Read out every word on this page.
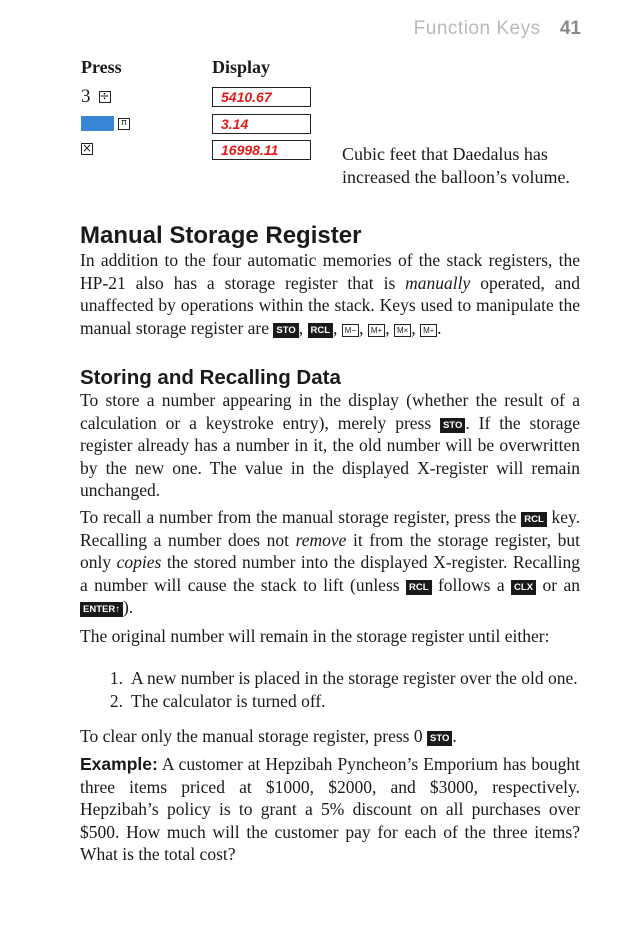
Function Keys 41
Press	Display
3 ÷
π
×
5410.67
3.14
16998.11	Cubic feet that Daedalus has increased the balloon’s volume.
Manual Storage Register

In addition to the four automatic memories of the stack registers, the HP-21 also has a storage register that is manually operated, and unaffected by operations within the stack. Keys used to manipulate the manual storage register are STO , RCL , M− , M+ , M× , M÷ .

Storing and Recalling Data

To store a number appearing in the display (whether the result of a calculation or a keystroke entry), merely press STO . If the storage register already has a number in it, the old number will be overwritten by the new one. The value in the displayed X-register will remain unchanged.

To recall a number from the manual storage register, press the RCL key. Recalling a number does not remove it from the storage register, but only copies the stored number into the displayed X-register. Recalling a number will cause the stack to lift (unless RCL follows a CLX or an ENTER↑ ).

The original number will remain in the storage register until either:
1. A new number is placed in the storage register over the old one.
2. The calculator is turned off.

To clear only the manual storage register, press 0 STO .

Example: A customer at Hepzibah Pyncheon’s Emporium has bought three items priced at $1000, $2000, and $3000, respectively. Hepzibah’s policy is to grant a 5% discount on all purchases over $500. How much will the customer pay for each of the three items? What is the total cost?
